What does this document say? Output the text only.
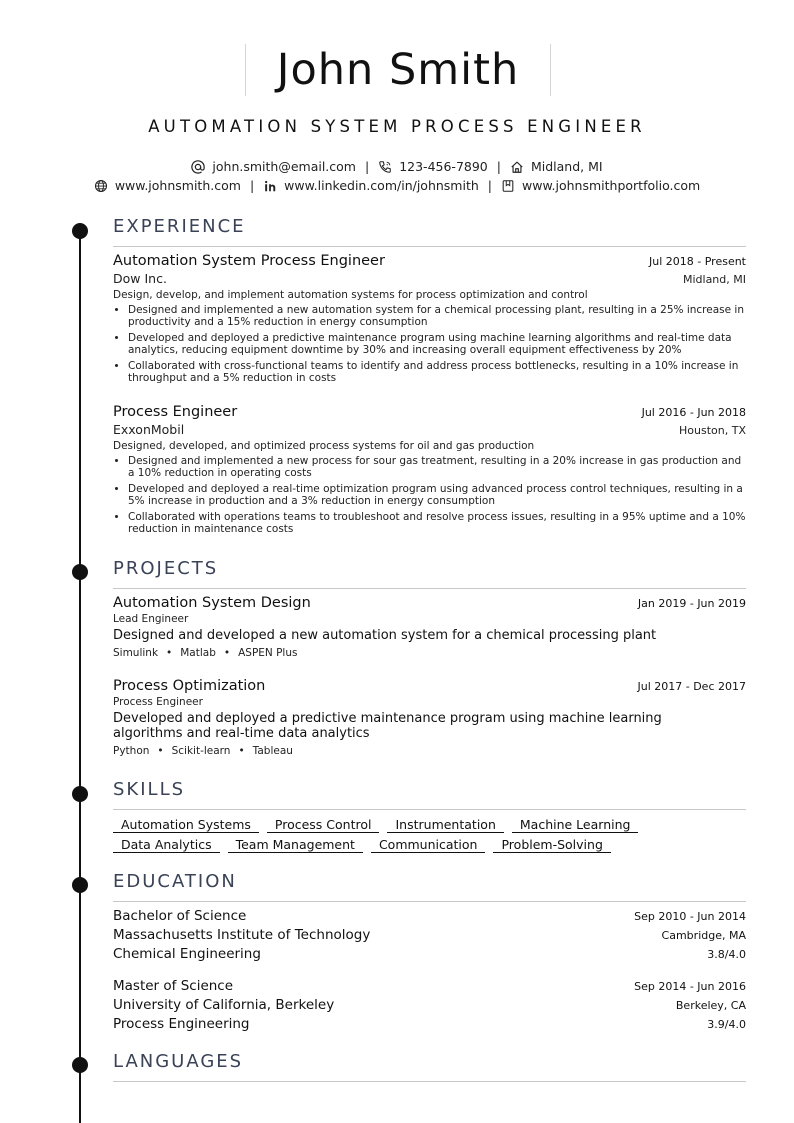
John Smith
AUTOMATION SYSTEM PROCESS ENGINEER
john.smith@email.com | 123-456-7890 | Midland, MI
www.johnsmith.com | www.linkedin.com/in/johnsmith | www.johnsmithportfolio.com
EXPERIENCE
Automation System Process Engineer	Jul 2018 - Present
Dow Inc.	Midland, MI
Design, develop, and implement automation systems for process optimization and control
• Designed and implemented a new automation system for a chemical processing plant, resulting in a 25% increase in productivity and a 15% reduction in energy consumption
• Developed and deployed a predictive maintenance program using machine learning algorithms and real-time data analytics, reducing equipment downtime by 30% and increasing overall equipment effectiveness by 20%
• Collaborated with cross-functional teams to identify and address process bottlenecks, resulting in a 10% increase in throughput and a 5% reduction in costs
Process Engineer	Jul 2016 - Jun 2018
ExxonMobil	Houston, TX
Designed, developed, and optimized process systems for oil and gas production
• Designed and implemented a new process for sour gas treatment, resulting in a 20% increase in gas production and a 10% reduction in operating costs
• Developed and deployed a real-time optimization program using advanced process control techniques, resulting in a 5% increase in production and a 3% reduction in energy consumption
• Collaborated with operations teams to troubleshoot and resolve process issues, resulting in a 95% uptime and a 10% reduction in maintenance costs
PROJECTS
Automation System Design	Jan 2019 - Jun 2019
Lead Engineer
Designed and developed a new automation system for a chemical processing plant
Simulink • Matlab • ASPEN Plus
Process Optimization	Jul 2017 - Dec 2017
Process Engineer
Developed and deployed a predictive maintenance program using machine learning algorithms and real-time data analytics
Python • Scikit-learn • Tableau
SKILLS
Automation Systems	Process Control	Instrumentation	Machine Learning
Data Analytics	Team Management	Communication	Problem-Solving
EDUCATION
Bachelor of Science	Sep 2010 - Jun 2014
Massachusetts Institute of Technology	Cambridge, MA
Chemical Engineering	3.8/4.0
Master of Science	Sep 2014 - Jun 2016
University of California, Berkeley	Berkeley, CA
Process Engineering	3.9/4.0
LANGUAGES
